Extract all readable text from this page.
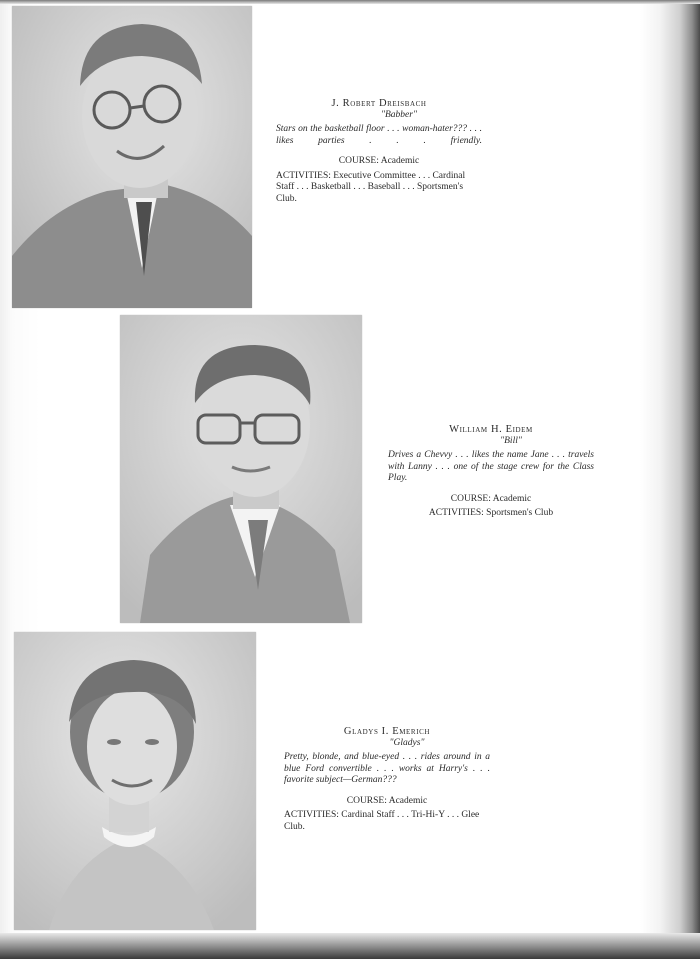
J. Robert Dreisbach
"Babber"
Stars on the basketball floor . . . woman-hater??? . . . likes parties . . . friendly.
COURSE: Academic
ACTIVITIES: Executive Committee . . . Cardinal Staff . . . Basketball . . . Baseball . . . Sportsmen's Club.
William H. Eidem
"Bill"
Drives a Chevvy . . . likes the name Jane . . . travels with Lanny . . . one of the stage crew for the Class Play.
COURSE: Academic
ACTIVITIES: Sportsmen's Club
Gladys I. Emerich
"Gladys"
Pretty, blonde, and blue-eyed . . . rides around in a blue Ford convertible . . . works at Harry's . . . favorite subject—German???
COURSE: Academic
ACTIVITIES: Cardinal Staff . . . Tri-Hi-Y . . . Glee Club.
